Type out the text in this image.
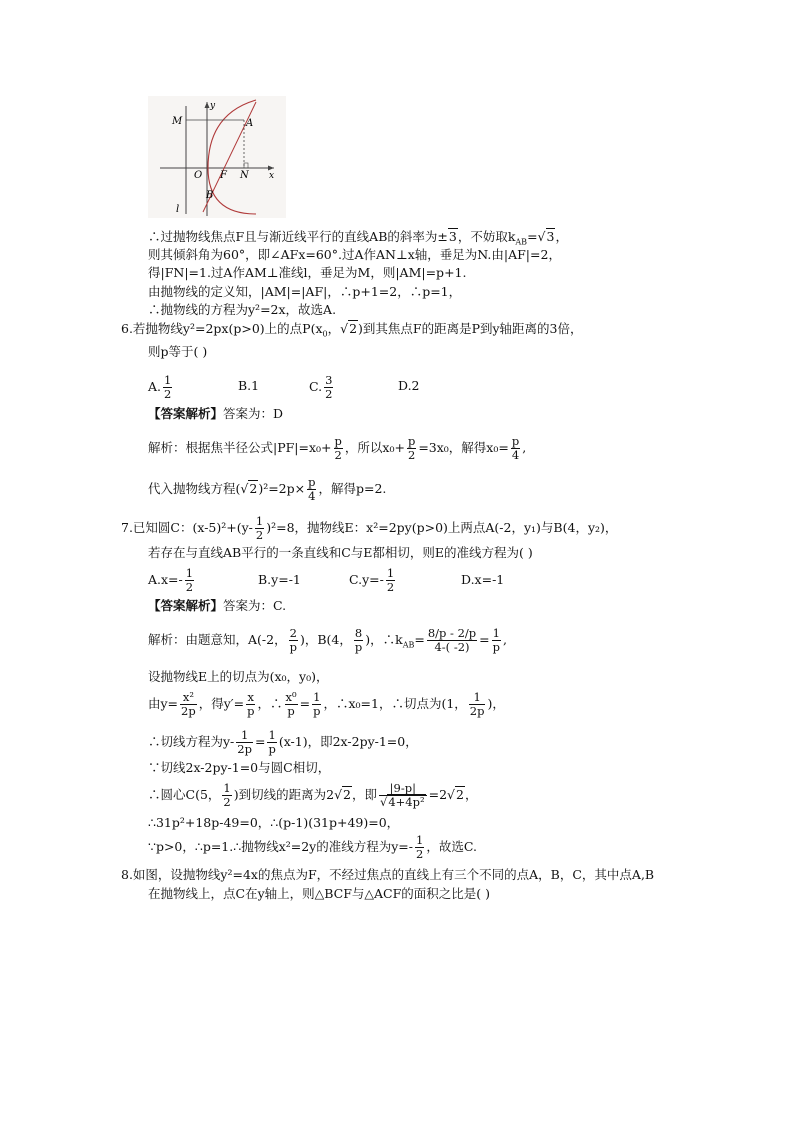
y
M	A
O F N x
l
B
∴过抛物线焦点F且与渐近线平行的直线AB的斜率为±3，不妨取$k_{AB}=√3$，
则其倾斜角为60°，即∠AFx=60°.过A作AN⊥x轴，垂足为N.由|AF|=2，
得|FN|=1.过A作AM⊥准线l，垂足为M，则|AM|=p+1.
由抛物线的定义知，|AM|=|AF|，∴p+1=2，∴p=1，
∴抛物线的方程为y²=2x，故选A.
6.若抛物线y²=2px(p>0)上的点$P(x_0$，√2)到其焦点F的距离是P到y轴距离的3倍，
则p等于( )
A. $\frac{1}{2}$	B.1	C. $\frac{3}{2}$	D.2
【答案解析】答案为：D
解析：根据焦半径公式$|PF|=x_0+ \frac{p}{2}$ ，所以$x_0+ \frac{p}{2} =3x_0$，解得$x_0= \frac{p}{4}$ ,
代入抛物线方程$(√2)^2=2p\times \frac{p}{4}$ ，解得p=2.
7.已知圆C：$(x-5)^2+(y- \frac{1}{2} )^2=8$，抛物线E：x²=2py(p>0)上两点A(-2，y₁)与B(4，y₂)，
若存在与直线AB平行的一条直线和C与E都相切，则E的准线方程为( )
$A.x=- \frac{1}{2}$	B.y=-1	$C.y=- \frac{1}{2}$	D.x=-1
【答案解析】答案为：C.
解析：由题意知，A(-2， $\frac{2}{p}$ )，B(4， $\frac{8}{p}$ )，$\therefore k_{AB}= \frac{8/p - 2/p}{4-( -2)} = \frac{1}{p}$ ,
设抛物线E上的切点为(x₀，y₀)，
由$y= \frac{\text{x²}}{2p}$ ，得$y'= \frac{x}{p}$ ，∴ $\frac{\text{x⁰}}{p} = \frac{1}{p}$ ，∴x₀=1，∴切点为(1， $\frac{1}{2p}$ )，
∴切线方程为$y- \frac{1}{2p} = \frac{1}{p} (x-1)$，即2x-2py-1=0，
∵切线2x-2py-1=0与圆C相切，
∴圆心C(5， $\frac{1}{2}$ )到切线的距离为2√2，即 $\frac{|9-p|}{\text{√4+4p²}} =2√2$，
∴31p²+18p-49=0，∴(p-1)(31p+49)=0，
∵p>0，∴p=1.∴抛物线x²=2y的准线方程为$y=- \frac{1}{2}$ ，故选C.
8.如图，设抛物线y²=4x的焦点为F，不经过焦点的直线上有三个不同的点A，B，C，其中点A,B
在抛物线上，点C在y轴上，则△BCF与△ACF的面积之比是( )
